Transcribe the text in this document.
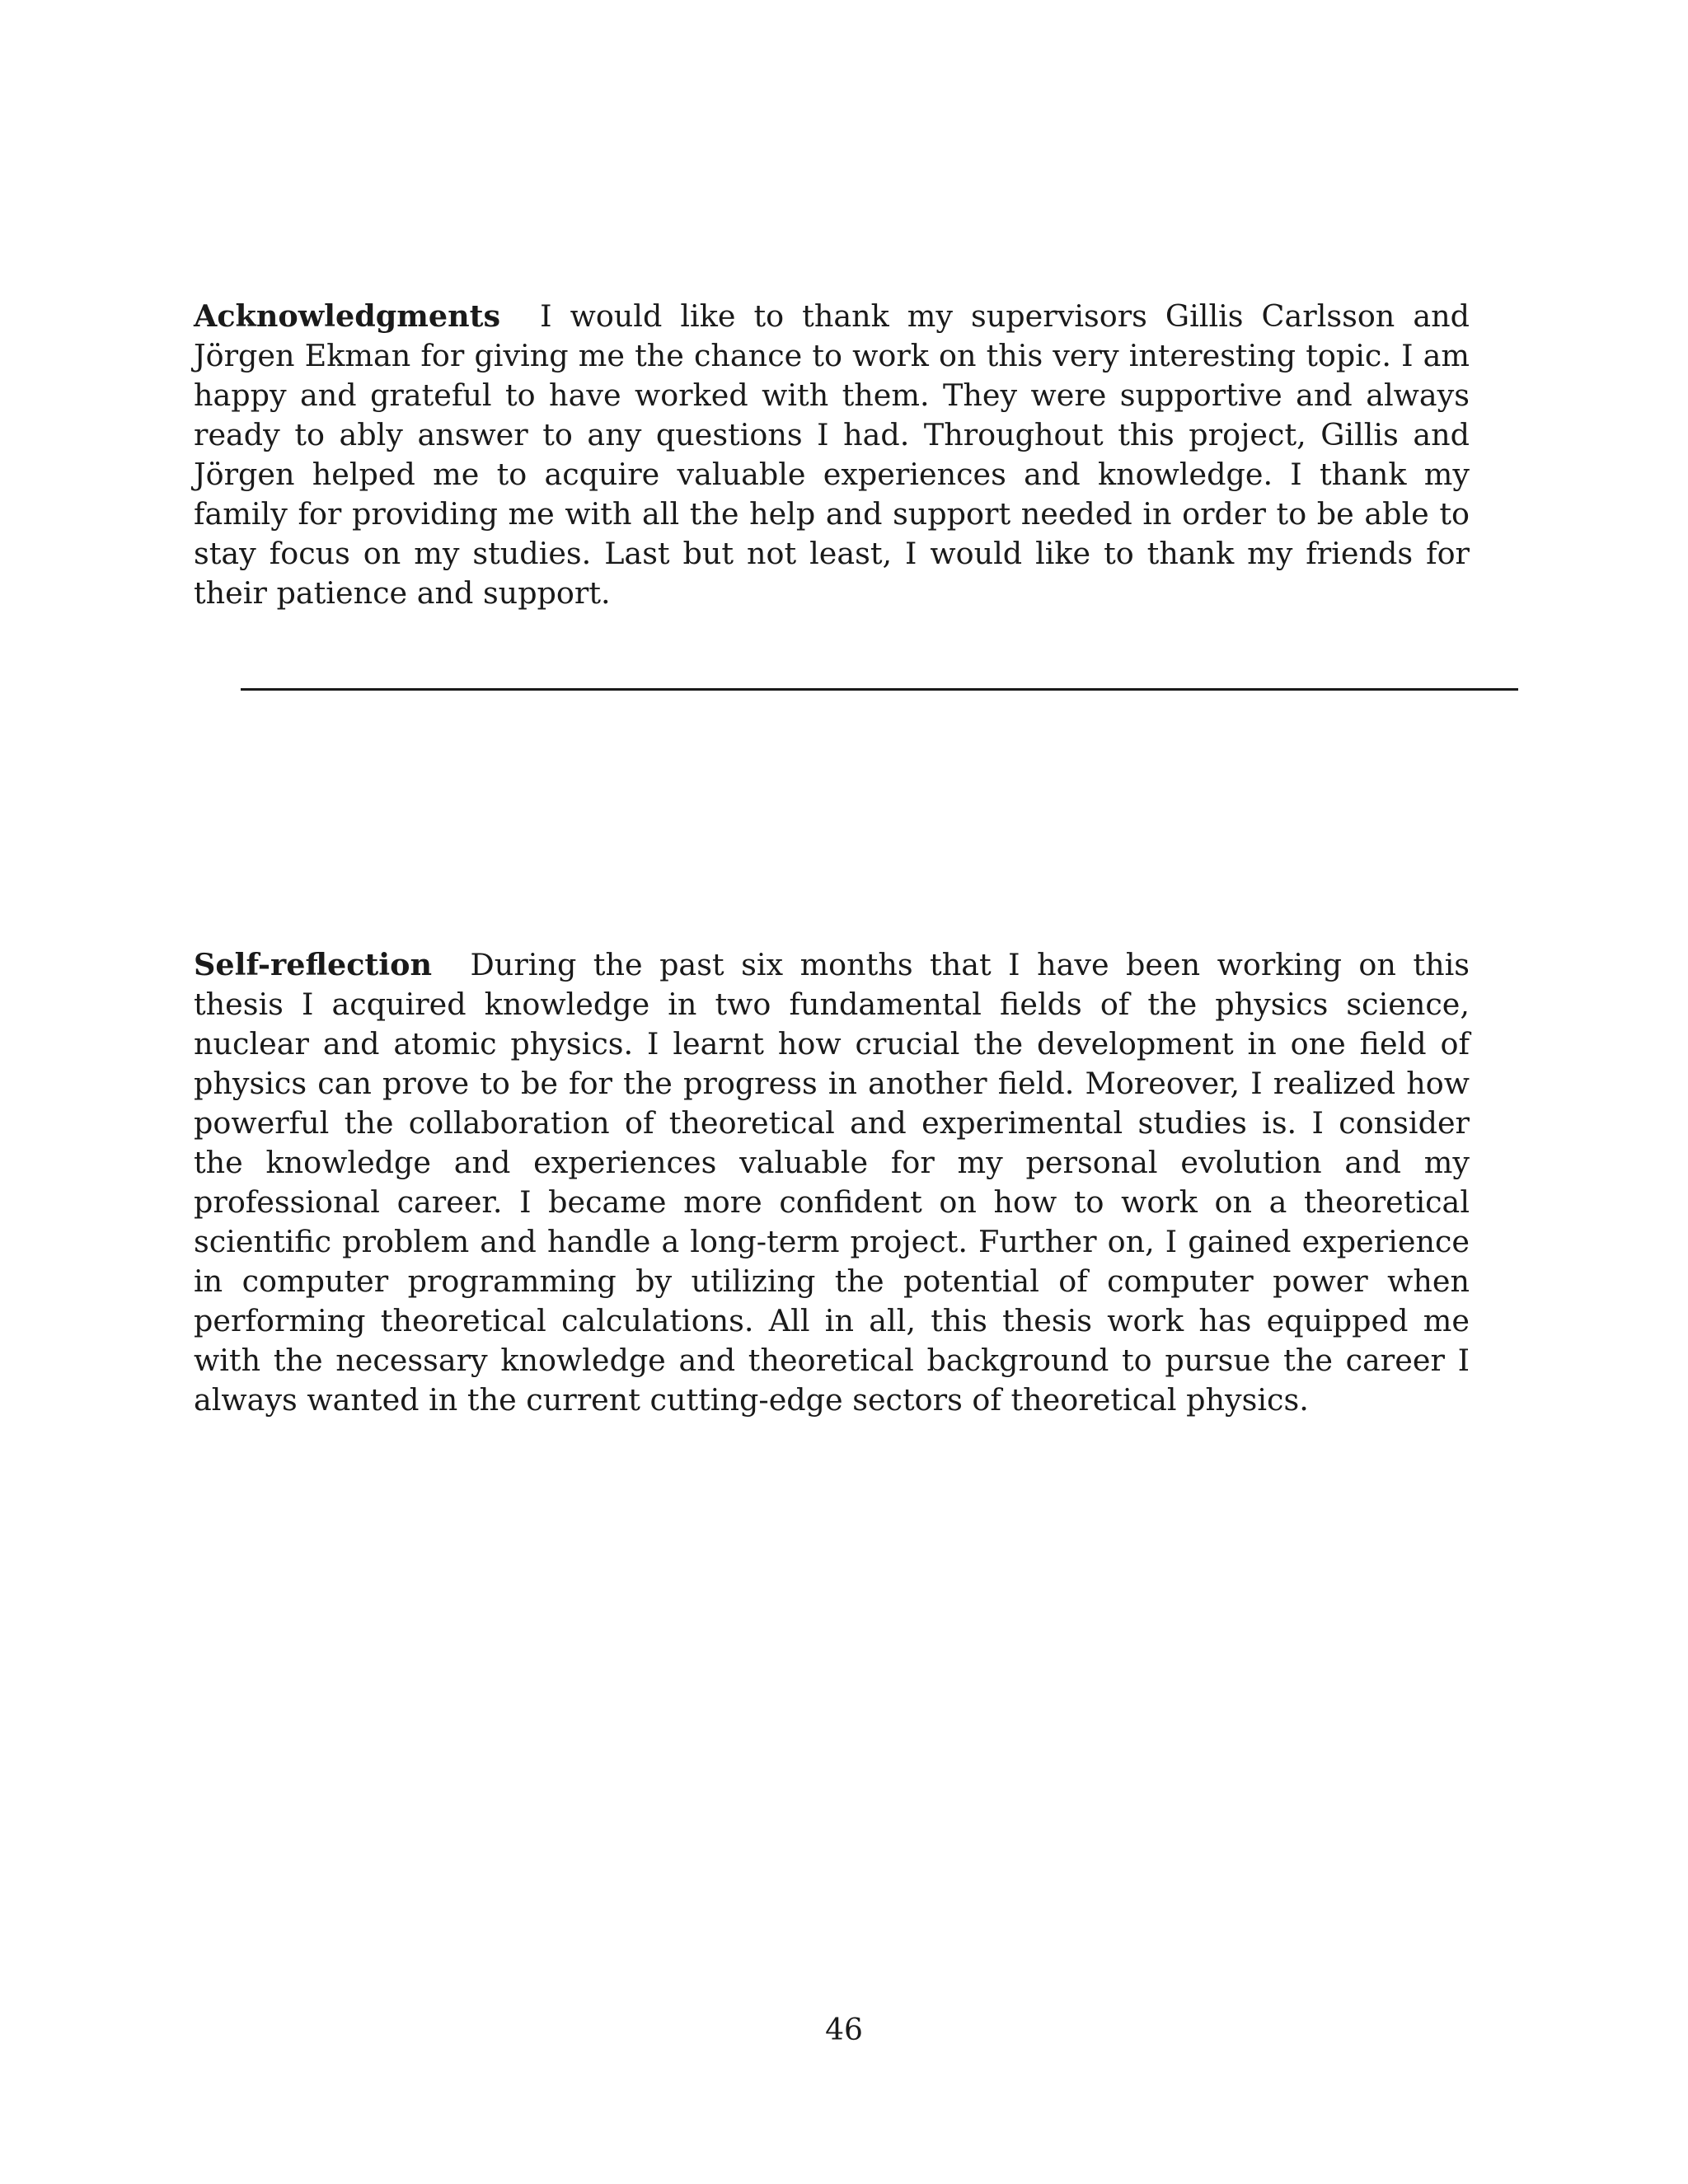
Acknowledgments I would like to thank my supervisors Gillis Carlsson and Jörgen Ekman for giving me the chance to work on this very interesting topic. I am happy and grateful to have worked with them. They were supportive and always ready to ably answer to any questions I had. Throughout this project, Gillis and Jörgen helped me to acquire valuable experiences and knowledge. I thank my family for providing me with all the help and support needed in order to be able to stay focus on my studies. Last but not least, I would like to thank my friends for their patience and support.

Self-reflection During the past six months that I have been working on this thesis I acquired knowledge in two fundamental fields of the physics science, nuclear and atomic physics. I learnt how crucial the development in one field of physics can prove to be for the progress in another field. Moreover, I realized how powerful the collaboration of theoretical and experimental studies is. I consider the knowledge and experiences valuable for my personal evolution and my professional career. I became more confident on how to work on a theoretical scientific problem and handle a long-term project. Further on, I gained experience in computer programming by utilizing the potential of computer power when performing theoretical calculations. All in all, this thesis work has equipped me with the necessary knowledge and theoretical background to pursue the career I always wanted in the current cutting-edge sectors of theoretical physics.

46
